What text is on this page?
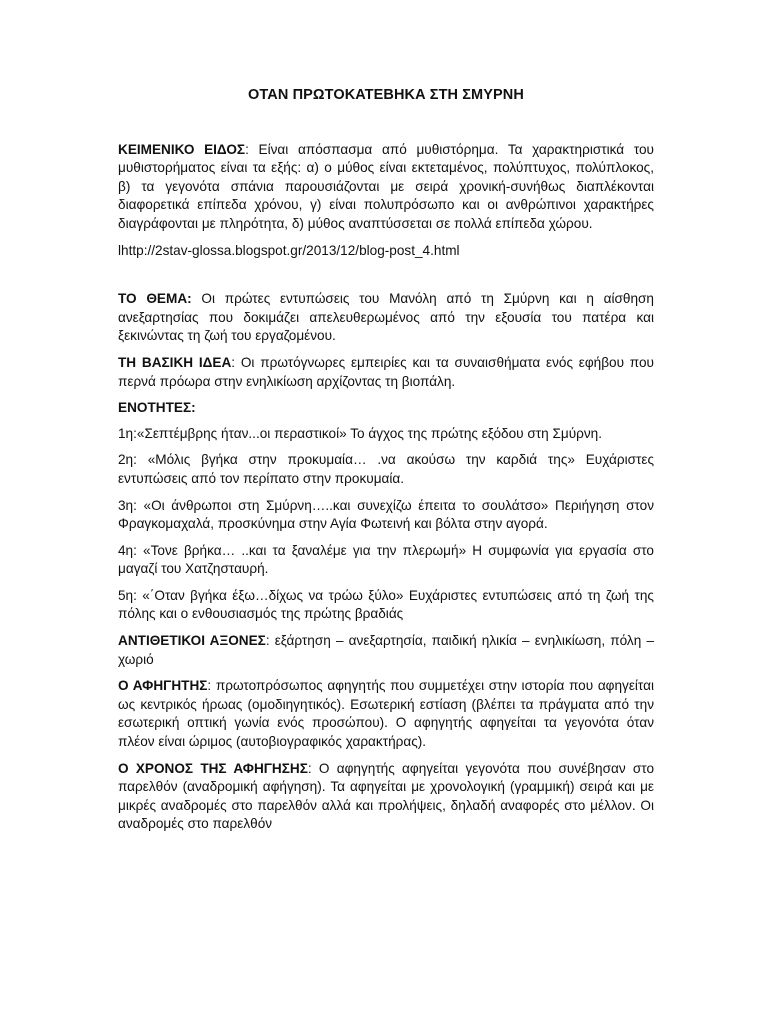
ΟΤΑΝ ΠΡΩΤΟΚΑΤΕΒΗΚΑ ΣΤΗ ΣΜΥΡΝΗ

ΚΕΙΜΕΝΙΚΟ ΕΙΔΟΣ: Είναι απόσπασμα από μυθιστόρημα. Τα χαρακτηριστικά του μυθιστορήματος είναι τα εξής: α) ο μύθος είναι εκτεταμένος, πολύπτυχος, πολύπλοκος, β) τα γεγονότα σπάνια παρουσιάζονται με σειρά χρονική-συνήθως διαπλέκονται διαφορετικά επίπεδα χρόνου, γ) είναι πολυπρόσωπο και οι ανθρώπινοι χαρακτήρες διαγράφονται με πληρότητα, δ) μύθος αναπτύσσεται σε πολλά επίπεδα χώρου.

lhttp://2stav-glossa.blogspot.gr/2013/12/blog-post_4.html

ΤΟ ΘΕΜΑ: Οι πρώτες εντυπώσεις του Μανόλη από τη Σμύρνη και η αίσθηση ανεξαρτησίας που δοκιμάζει απελευθερωμένος από την εξουσία του πατέρα και ξεκινώντας τη ζωή του εργαζομένου.

ΤΗ ΒΑΣΙΚΗ ΙΔΕΑ: Οι πρωτόγνωρες εμπειρίες και τα συναισθήματα ενός εφήβου που περνά πρόωρα στην ενηλικίωση αρχίζοντας τη βιοπάλη.

ΕΝΟΤΗΤΕΣ:

1η:«Σεπτέμβρης ήταν...οι περαστικοί» Το άγχος της πρώτης εξόδου στη Σμύρνη.

2η: «Μόλις βγήκα στην προκυμαία… .να ακούσω την καρδιά της» Ευχάριστες εντυπώσεις από τον περίπατο στην προκυμαία.

3η: «Οι άνθρωποι στη Σμύρνη…..και συνεχίζω έπειτα το σουλάτσο» Περιήγηση στον Φραγκομαχαλά, προσκύνημα στην Αγία Φωτεινή και βόλτα στην αγορά.

4η: «Τονε βρήκα… ..και τα ξαναλέμε για την πλερωμή» Η συμφωνία για εργασία στο μαγαζί του Χατζησταυρή.

5η: «΄Οταν βγήκα έξω…δίχως να τρώω ξύλο» Ευχάριστες εντυπώσεις από τη ζωή της πόλης και ο ενθουσιασμός της πρώτης βραδιάς

ΑΝΤΙΘΕΤΙΚΟΙ ΑΞΟΝΕΣ: εξάρτηση – ανεξαρτησία, παιδική ηλικία – ενηλικίωση, πόλη – χωριό

Ο ΑΦΗΓΗΤΗΣ: πρωτοπρόσωπος αφηγητής που συμμετέχει στην ιστορία που αφηγείται ως κεντρικός ήρωας (ομοδιηγητικός). Εσωτερική εστίαση (βλέπει τα πράγματα από την εσωτερική οπτική γωνία ενός προσώπου). Ο αφηγητής αφηγείται τα γεγονότα όταν πλέον είναι ώριμος (αυτοβιογραφικός χαρακτήρας).

Ο ΧΡΟΝΟΣ ΤΗΣ ΑΦΗΓΗΣΗΣ: Ο αφηγητής αφηγείται γεγονότα που συνέβησαν στο παρελθόν (αναδρομική αφήγηση). Τα αφηγείται με χρονολογική (γραμμική) σειρά και με μικρές αναδρομές στο παρελθόν αλλά και προλήψεις, δηλαδή αναφορές στο μέλλον. Οι αναδρομές στο παρελθόν
